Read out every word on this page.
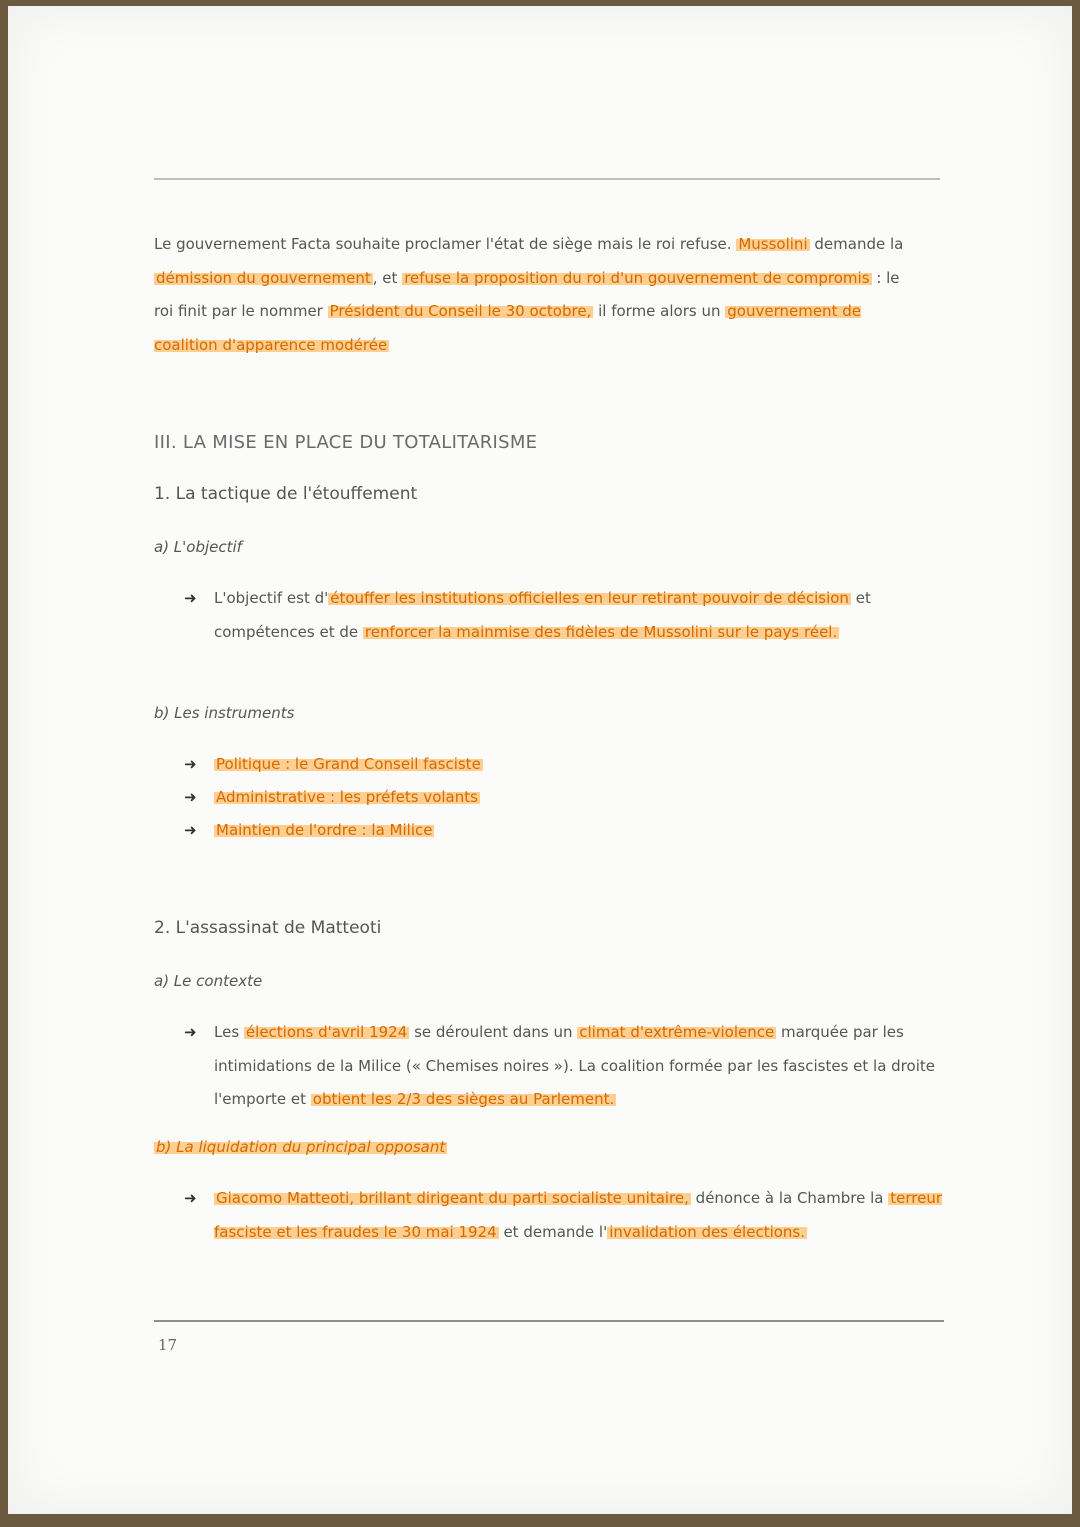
Le gouvernement Facta souhaite proclamer l'état de siège mais le roi refuse. Mussolini demande la démission du gouvernement , et refuse la proposition du roi d'un gouvernement de compromis : le roi finit par le nommer Président du Conseil le 30 octobre, il forme alors un gouvernement de coalition d'apparence modérée
III. LA MISE EN PLACE DU TOTALITARISME
1. La tactique de l'étouffement
a) L'objectif
➜ L'objectif est d' étouffer les institutions officielles en leur retirant pouvoir de décision et compétences et de renforcer la mainmise des fidèles de Mussolini sur le pays réel.
b) Les instruments
➜ Politique : le Grand Conseil fasciste
➜ Administrative : les préfets volants
➜ Maintien de l'ordre : la Milice
2. L'assassinat de Matteoti
a) Le contexte
➜ Les élections d'avril 1924 se déroulent dans un climat d'extrême-violence marquée par les intimidations de la Milice (« Chemises noires »). La coalition formée par les fascistes et la droite l'emporte et obtient les 2/3 des sièges au Parlement.
b) La liquidation du principal opposant
➜ Giacomo Matteoti, brillant dirigeant du parti socialiste unitaire, dénonce à la Chambre la terreur fasciste et les fraudes le 30 mai 1924 et demande l' invalidation des élections.
17
